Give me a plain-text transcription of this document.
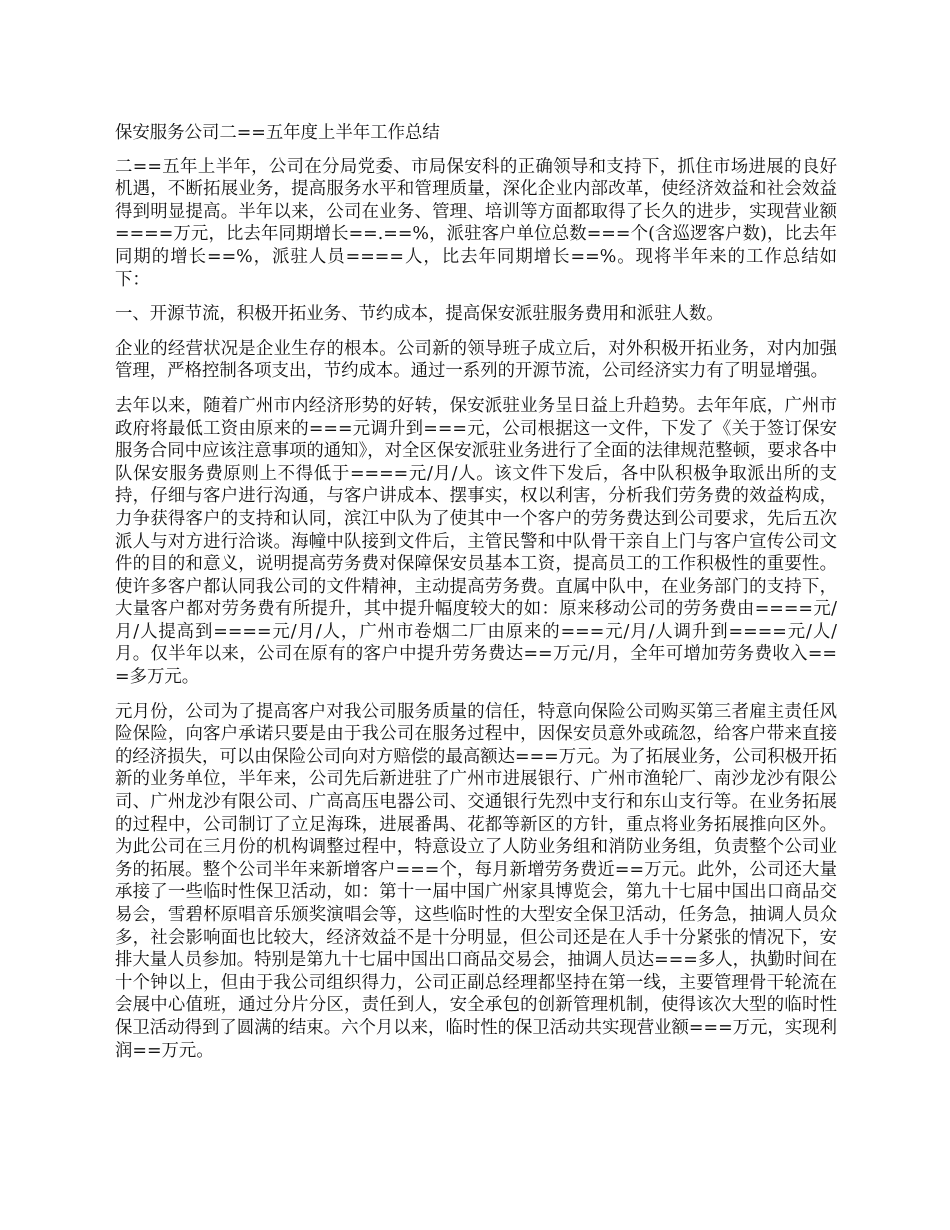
保安服务公司二==五年度上半年工作总结

二==五年上半年，公司在分局党委、市局保安科的正确领导和支持下，抓住市场进展的良好机遇，不断拓展业务，提高服务水平和管理质量，深化企业内部改革，使经济效益和社会效益得到明显提高。半年以来，公司在业务、管理、培训等方面都取得了长久的进步，实现营业额====万元，比去年同期增长==.==%，派驻客户单位总数===个(含巡逻客户数)，比去年同期的增长==%，派驻人员====人，比去年同期增长==%。现将半年来的工作总结如下：

一、开源节流，积极开拓业务、节约成本，提高保安派驻服务费用和派驻人数。

企业的经营状况是企业生存的根本。公司新的领导班子成立后，对外积极开拓业务，对内加强管理，严格控制各项支出，节约成本。通过一系列的开源节流，公司经济实力有了明显增强。

去年以来，随着广州市内经济形势的好转，保安派驻业务呈日益上升趋势。去年年底，广州市政府将最低工资由原来的===元调升到===元，公司根据这一文件，下发了《关于签订保安服务合同中应该注意事项的通知》，对全区保安派驻业务进行了全面的法律规范整顿，要求各中队保安服务费原则上不得低于====元/月/人。该文件下发后，各中队积极争取派出所的支持，仔细与客户进行沟通，与客户讲成本、摆事实，权以利害，分析我们劳务费的效益构成，力争获得客户的支持和认同，滨江中队为了使其中一个客户的劳务费达到公司要求，先后五次派人与对方进行洽谈。海幢中队接到文件后，主管民警和中队骨干亲自上门与客户宣传公司文件的目的和意义，说明提高劳务费对保障保安员基本工资，提高员工的工作积极性的重要性。使许多客户都认同我公司的文件精神，主动提高劳务费。直属中队中，在业务部门的支持下，大量客户都对劳务费有所提升，其中提升幅度较大的如：原来移动公司的劳务费由====元/月/人提高到====元/月/人，广州市卷烟二厂由原来的===元/月/人调升到====元/人/月。仅半年以来，公司在原有的客户中提升劳务费达==万元/月，全年可增加劳务费收入===多万元。

元月份，公司为了提高客户对我公司服务质量的信任，特意向保险公司购买第三者雇主责任风险保险，向客户承诺只要是由于我公司在服务过程中，因保安员意外或疏忽，给客户带来直接的经济损失，可以由保险公司向对方赔偿的最高额达===万元。为了拓展业务，公司积极开拓新的业务单位，半年来，公司先后新进驻了广州市进展银行、广州市渔轮厂、南沙龙沙有限公司、广州龙沙有限公司、广高高压电器公司、交通银行先烈中支行和东山支行等。在业务拓展的过程中，公司制订了立足海珠，进展番禺、花都等新区的方针，重点将业务拓展推向区外。为此公司在三月份的机构调整过程中，特意设立了人防业务组和消防业务组，负责整个公司业务的拓展。整个公司半年来新增客户===个，每月新增劳务费近==万元。此外，公司还大量承接了一些临时性保卫活动，如：第十一届中国广州家具博览会，第九十七届中国出口商品交易会，雪碧杯原唱音乐颁奖演唱会等，这些临时性的大型安全保卫活动，任务急，抽调人员众多，社会影响面也比较大，经济效益不是十分明显，但公司还是在人手十分紧张的情况下，安排大量人员参加。特别是第九十七届中国出口商品交易会，抽调人员达===多人，执勤时间在十个钟以上，但由于我公司组织得力，公司正副总经理都坚持在第一线，主要管理骨干轮流在会展中心值班，通过分片分区，责任到人，安全承包的创新管理机制，使得该次大型的临时性保卫活动得到了圆满的结束。六个月以来，临时性的保卫活动共实现营业额===万元，实现利润==万元。
